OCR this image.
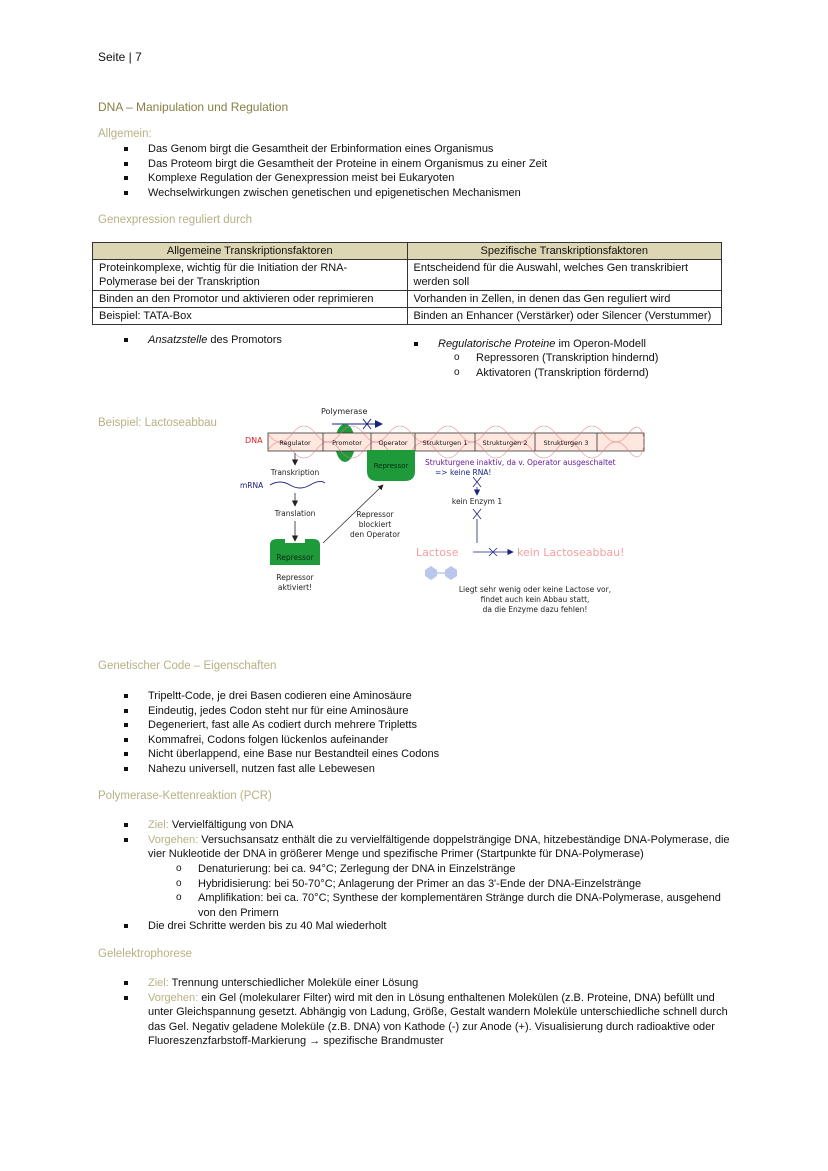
Seite | 7
DNA – Manipulation und Regulation
Allgemein:
Das Genom birgt die Gesamtheit der Erbinformation eines Organismus
Das Proteom birgt die Gesamtheit der Proteine in einem Organismus zu einer Zeit
Komplexe Regulation der Genexpression meist bei Eukaryoten
Wechselwirkungen zwischen genetischen und epigenetischen Mechanismen
Genexpression reguliert durch
Allgemeine Transkriptionsfaktoren	Spezifische Transkriptionsfaktoren
Proteinkomplexe, wichtig für die Initiation der RNA-Polymerase bei der Transkription	Entscheidend für die Auswahl, welches Gen transkribiert werden soll
Binden an den Promotor und aktivieren oder reprimieren	Vorhanden in Zellen, in denen das Gen reguliert wird
Beispiel: TATA-Box	Binden an Enhancer (Verstärker) oder Silencer (Verstummer)
Ansatzstelle des Promotors	Regulatorische Proteine im Operon-Modell
o Repressoren (Transkription hindernd)
o Aktivatoren (Transkription fördernd)
Beispiel: Lactoseabbau
Polymerase
DNA	Regulator	Promotor	Operator Strukturgen 1 Strukturgen 2 Strukturgen 3
Repressor
Transkription
mRNA
Translation
Repressor
Repressor
aktiviert!
Repressor
blockiert
den Operator
Strukturgene inaktiv, da v. Operator ausgeschaltet
=> keine RNA!
kein Enzym 1
Lactose	kein Lactoseabbau!
Liegt sehr wenig oder keine Lactose vor,
findet auch kein Abbau statt,
da die Enzyme dazu fehlen!
Genetischer Code – Eigenschaften
Tripeltt-Code, je drei Basen codieren eine Aminosäure
Eindeutig, jedes Codon steht nur für eine Aminosäure
Degeneriert, fast alle As codiert durch mehrere Tripletts
Kommafrei, Codons folgen lückenlos aufeinander
Nicht überlappend, eine Base nur Bestandteil eines Codons
Nahezu universell, nutzen fast alle Lebewesen
Polymerase-Kettenreaktion (PCR)
Ziel: Vervielfältigung von DNA
Vorgehen: Versuchsansatz enthält die zu vervielfältigende doppelsträngige DNA, hitzebeständige DNA-Polymerase, die vier Nukleotide der DNA in größerer Menge und spezifische Primer (Startpunkte für DNA-Polymerase)
o Denaturierung: bei ca. 94°C; Zerlegung der DNA in Einzelstränge
o Hybridisierung: bei 50-70°C; Anlagerung der Primer an das 3'-Ende der DNA-Einzelstränge
o Amplifikation: bei ca. 70°C; Synthese der komplementären Stränge durch die DNA-Polymerase, ausgehend von den Primern
Die drei Schritte werden bis zu 40 Mal wiederholt
Gelelektrophorese
Ziel: Trennung unterschiedlicher Moleküle einer Lösung
Vorgehen: ein Gel (molekularer Filter) wird mit den in Lösung enthaltenen Molekülen (z.B. Proteine, DNA) befüllt und unter Gleichspannung gesetzt. Abhängig von Ladung, Größe, Gestalt wandern Moleküle unterschiedliche schnell durch das Gel. Negativ geladene Moleküle (z.B. DNA) von Kathode (-) zur Anode (+). Visualisierung durch radioaktive oder Fluoreszenzfarbstoff-Markierung → spezifische Brandmuster
